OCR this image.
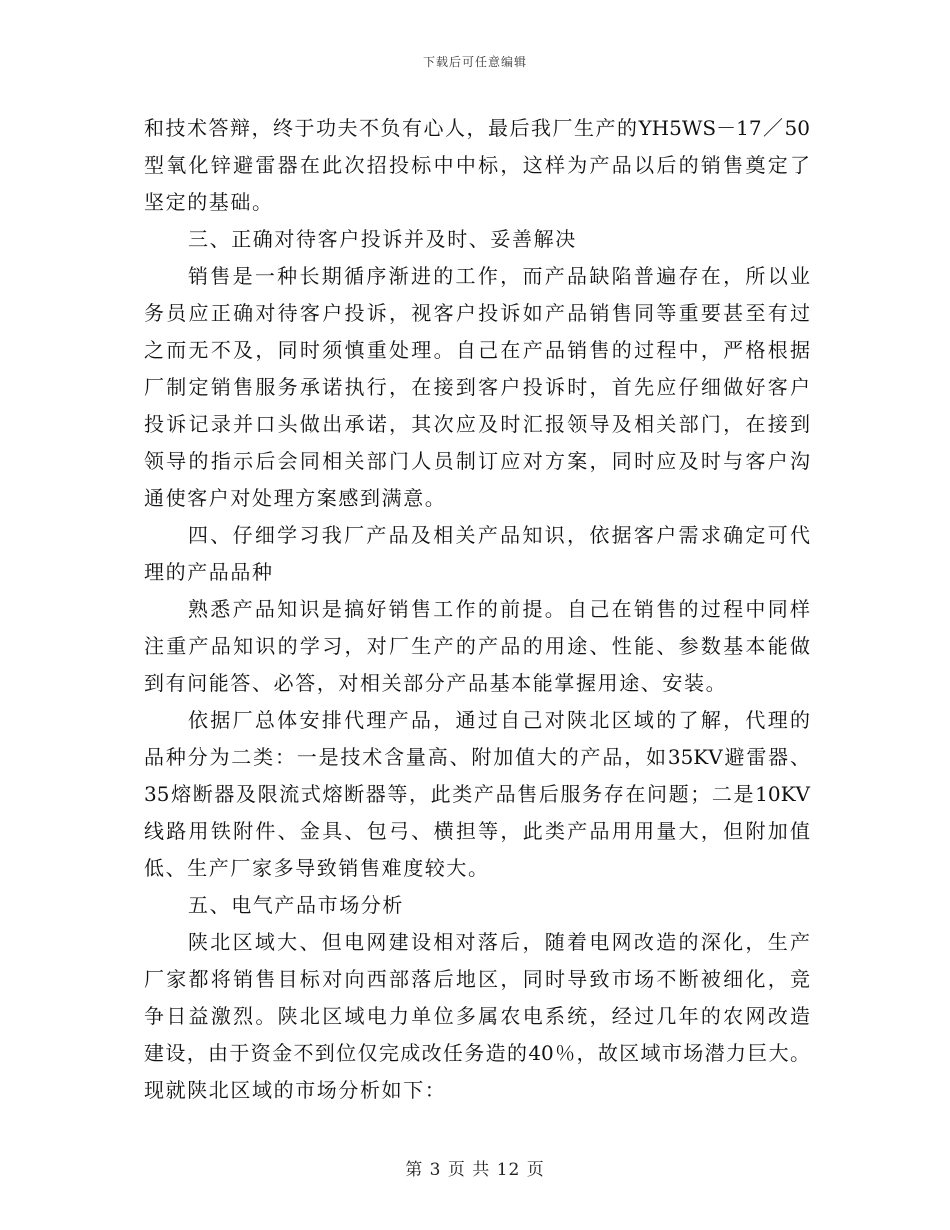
下载后可任意编辑
和技术答辩，终于功夫不负有心人，最后我厂生产的YH5WS－17／50
型氧化锌避雷器在此次招投标中中标，这样为产品以后的销售奠定了
坚定的基础。
三、正确对待客户投诉并及时、妥善解决
销售是一种长期循序渐进的工作，而产品缺陷普遍存在，所以业
务员应正确对待客户投诉，视客户投诉如产品销售同等重要甚至有过
之而无不及，同时须慎重处理。自己在产品销售的过程中，严格根据
厂制定销售服务承诺执行，在接到客户投诉时，首先应仔细做好客户
投诉记录并口头做出承诺，其次应及时汇报领导及相关部门，在接到
领导的指示后会同相关部门人员制订应对方案，同时应及时与客户沟
通使客户对处理方案感到满意。
四、仔细学习我厂产品及相关产品知识，依据客户需求确定可代
理的产品品种
熟悉产品知识是搞好销售工作的前提。自己在销售的过程中同样
注重产品知识的学习，对厂生产的产品的用途、性能、参数基本能做
到有问能答、必答，对相关部分产品基本能掌握用途、安装。
依据厂总体安排代理产品，通过自己对陕北区域的了解，代理的
品种分为二类：一是技术含量高、附加值大的产品，如35KV避雷器、
35熔断器及限流式熔断器等，此类产品售后服务存在问题；二是10KV
线路用铁附件、金具、包弓、横担等，此类产品用用量大，但附加值
低、生产厂家多导致销售难度较大。
五、电气产品市场分析
陕北区域大、但电网建设相对落后，随着电网改造的深化，生产
厂家都将销售目标对向西部落后地区，同时导致市场不断被细化，竞
争日益激烈。陕北区域电力单位多属农电系统，经过几年的农网改造
建设，由于资金不到位仅完成改任务造的40％，故区域市场潜力巨大。
现就陕北区域的市场分析如下：
第 3 页 共 12 页
